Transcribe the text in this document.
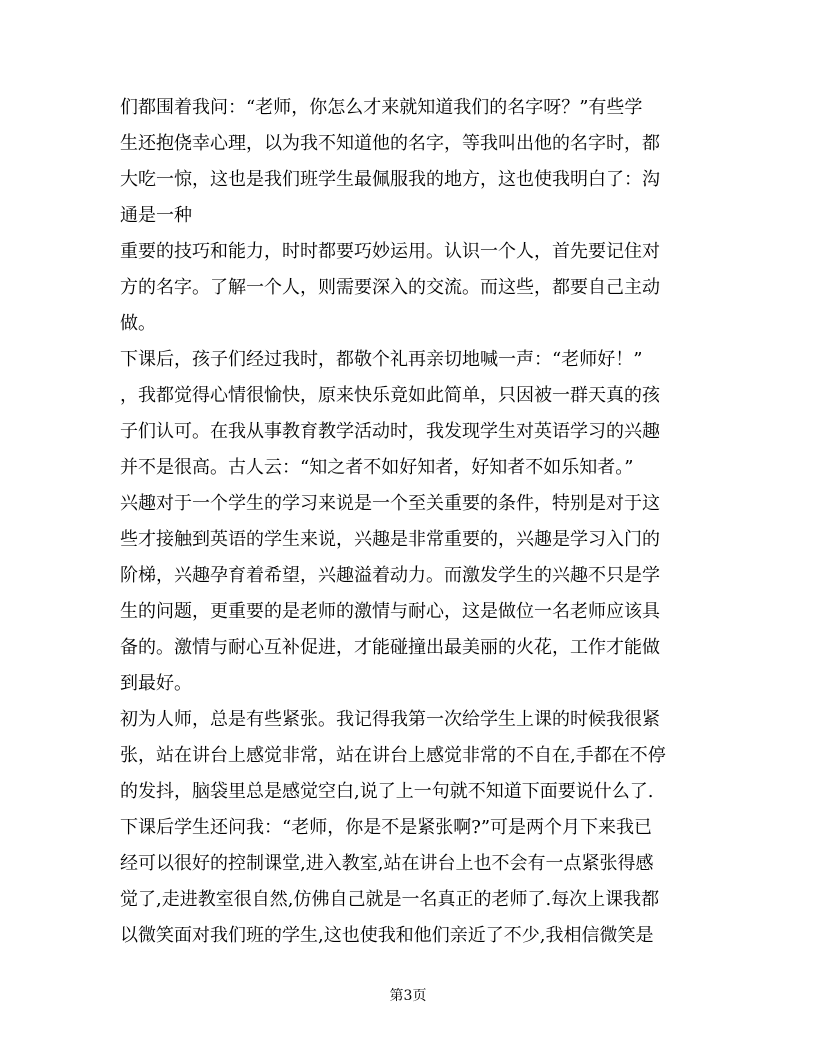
们都围着我问：“老师，你怎么才来就知道我们的名字呀？”有些学
生还抱侥幸心理，以为我不知道他的名字，等我叫出他的名字时，都
大吃一惊，这也是我们班学生最佩服我的地方，这也使我明白了：沟
通是一种
重要的技巧和能力，时时都要巧妙运用。认识一个人，首先要记住对
方的名字。了解一个人，则需要深入的交流。而这些，都要自己主动
做。
下课后，孩子们经过我时，都敬个礼再亲切地喊一声：“老师好！”
，我都觉得心情很愉快，原来快乐竟如此简单，只因被一群天真的孩
子们认可。在我从事教育教学活动时，我发现学生对英语学习的兴趣
并不是很高。古人云：“知之者不如好知者，好知者不如乐知者。”
兴趣对于一个学生的学习来说是一个至关重要的条件，特别是对于这
些才接触到英语的学生来说，兴趣是非常重要的，兴趣是学习入门的
阶梯，兴趣孕育着希望，兴趣溢着动力。而激发学生的兴趣不只是学
生的问题，更重要的是老师的激情与耐心，这是做位一名老师应该具
备的。激情与耐心互补促进，才能碰撞出最美丽的火花，工作才能做
到最好。
初为人师，总是有些紧张。我记得我第一次给学生上课的时候我很紧
张，站在讲台上感觉非常，站在讲台上感觉非常的不自在,手都在不停
的发抖，脑袋里总是感觉空白,说了上一句就不知道下面要说什么了.
下课后学生还问我：“老师，你是不是紧张啊?”可是两个月下来我已
经可以很好的控制课堂,进入教室,站在讲台上也不会有一点紧张得感
觉了,走进教室很自然,仿佛自己就是一名真正的老师了.每次上课我都
以微笑面对我们班的学生,这也使我和他们亲近了不少,我相信微笑是
第3页
